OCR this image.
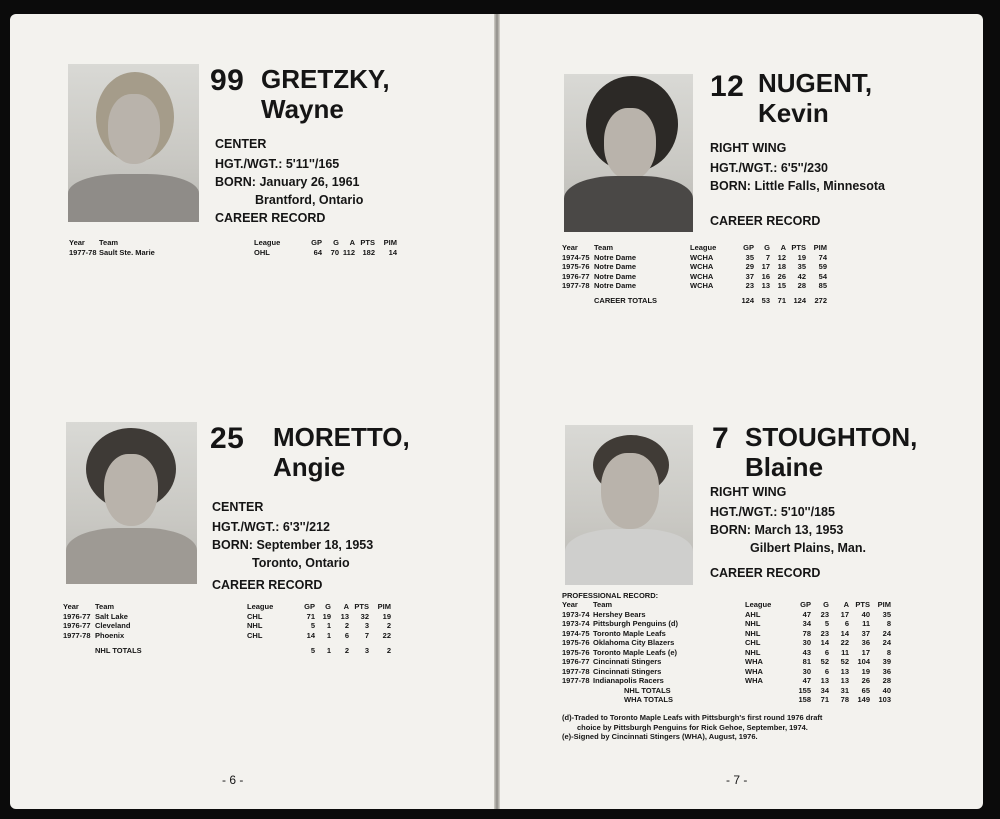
99 GRETZKY,
Wayne
CENTER
HGT./WGT.: 5'11''/165
BORN: January 26, 1961
Brantford, Ontario
CAREER RECORD
Year	Team	League	GP	G	A	PTS	PIM
1977-78	Sault Ste. Marie	OHL	64	70	112	182	14
25 MORETTO,
Angie
CENTER
HGT./WGT.: 6'3''/212
BORN: September 18, 1953
Toronto, Ontario
CAREER RECORD
Year	Team	League	GP	G	A	PTS	PIM
1976-77	Salt Lake	CHL	71	19	13	32	19
1976-77	Cleveland	NHL	5	1	2	3	2
1977-78	Phoenix	CHL	14	1	6	7	22
	NHL TOTALS		5	1	2	3	2
- 6 -
12 NUGENT,
Kevin
RIGHT WING
HGT./WGT.: 6'5''/230
BORN: Little Falls, Minnesota
CAREER RECORD
Year	Team	League	GP	G	A	PTS	PIM
1974-75	Notre Dame	WCHA	35	7	12	19	74
1975-76	Notre Dame	WCHA	29	17	18	35	59
1976-77	Notre Dame	WCHA	37	16	26	42	54
1977-78	Notre Dame	WCHA	23	13	15	28	85
	CAREER TOTALS		124	53	71	124	272
7 STOUGHTON,
Blaine
RIGHT WING
HGT./WGT.: 5'10''/185
BORN: March 13, 1953
Gilbert Plains, Man.
CAREER RECORD
PROFESSIONAL RECORD:
Year	Team	League	GP	G	A	PTS	PIM
1973-74	Hershey Bears	AHL	47	23	17	40	35
1973-74	Pittsburgh Penguins (d)	NHL	34	5	6	11	8
1974-75	Toronto Maple Leafs	NHL	78	23	14	37	24
1975-76	Oklahoma City Blazers	CHL	30	14	22	36	24
1975-76	Toronto Maple Leafs (e)	NHL	43	6	11	17	8
1976-77	Cincinnati Stingers	WHA	81	52	52	104	39
1977-78	Cincinnati Stingers	WHA	30	6	13	19	36
1977-78	Indianapolis Racers	WHA	47	13	13	26	28
	NHL TOTALS		155	34	31	65	40
	WHA TOTALS		158	71	78	149	103
(d)-Traded to Toronto Maple Leafs with Pittsburgh's first round 1976 draft
choice by Pittsburgh Penguins for Rick Gehoe, September, 1974.
(e)-Signed by Cincinnati Stingers (WHA), August, 1976.
- 7 -
